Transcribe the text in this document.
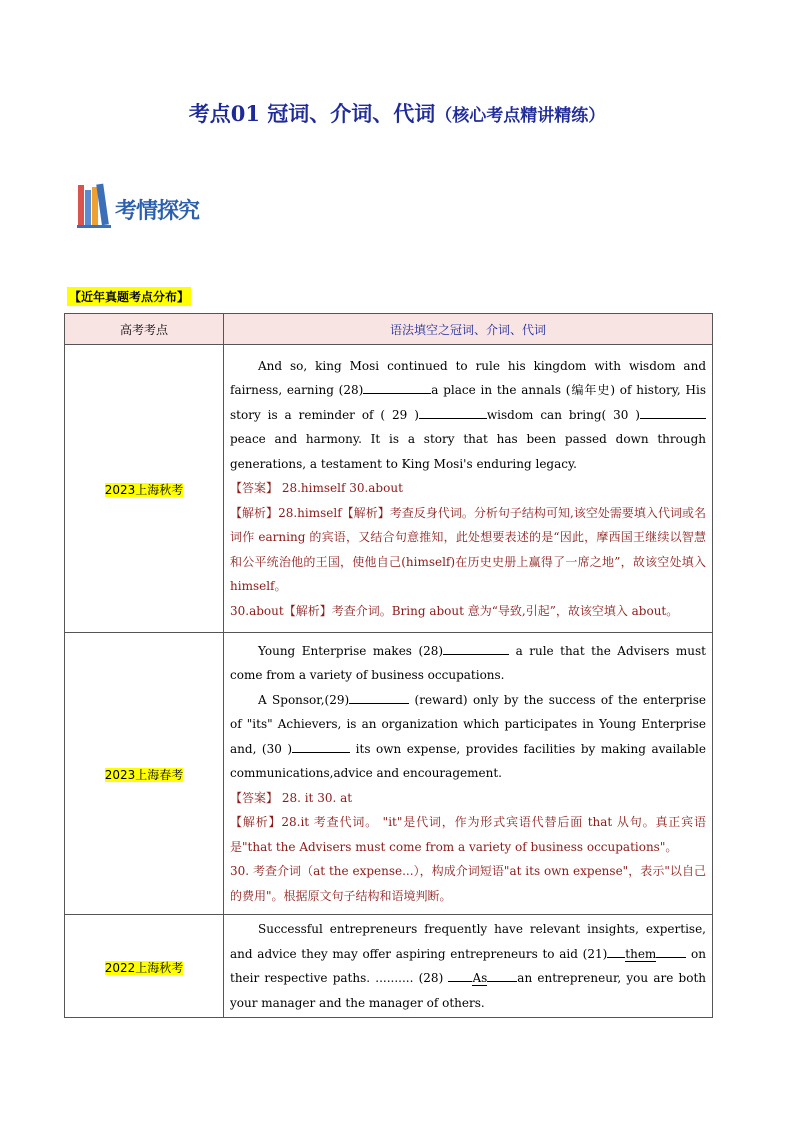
考点01 冠词、介词、代词（核心考点精讲精练）
考情探究
【近年真题考点分布】
高考考点	语法填空之冠词、介词、代词
2023上海秋考	And so, king Mosi continued to rule his kingdom with wisdom and fairness, earning (28) a place in the annals (编年史) of history, His story is a reminder of ( 29 ) wisdom can bring( 30 ) peace and harmony. It is a story that has been passed down through generations, a testament to King Mosi's enduring legacy.

【答案】 28.himself 30.about

【解析】28.himself【解析】考查反身代词。分析句子结构可知,该空处需要填入代词或名词作 earning 的宾语，又结合句意推知，此处想要表述的是“因此，摩西国王继续以智慧和公平统治他的王国，使他自己(himself)在历史史册上赢得了一席之地”，故该空处填入 himself。

30.about【解析】考查介词。Bring about 意为“导致,引起”，故该空填入 about。

2023上海春考	Young Enterprise makes (28) a rule that the Advisers must come from a variety of business occupations.

A Sponsor,(29) (reward) only by the success of the enterprise of "its" Achievers, is an organization which participates in Young Enterprise and, (30 ) its own expense, provides facilities by making available communications,advice and encouragement.

【答案】 28. it 30. at

【解析】28.it 考查代词。 "it"是代词，作为形式宾语代替后面 that 从句。真正宾语是"that the Advisers must come from a variety of business occupations"。

30. 考查介词（at the expense...），构成介词短语"at its own expense"，表示"以自己的费用"。根据原文句子结构和语境判断。

2022上海秋考	Successful entrepreneurs frequently have relevant insights, expertise, and advice they may offer aspiring entrepreneurs to aid (21) them on their respective paths. .......... (28) As an entrepreneur, you are both your manager and the manager of others.
